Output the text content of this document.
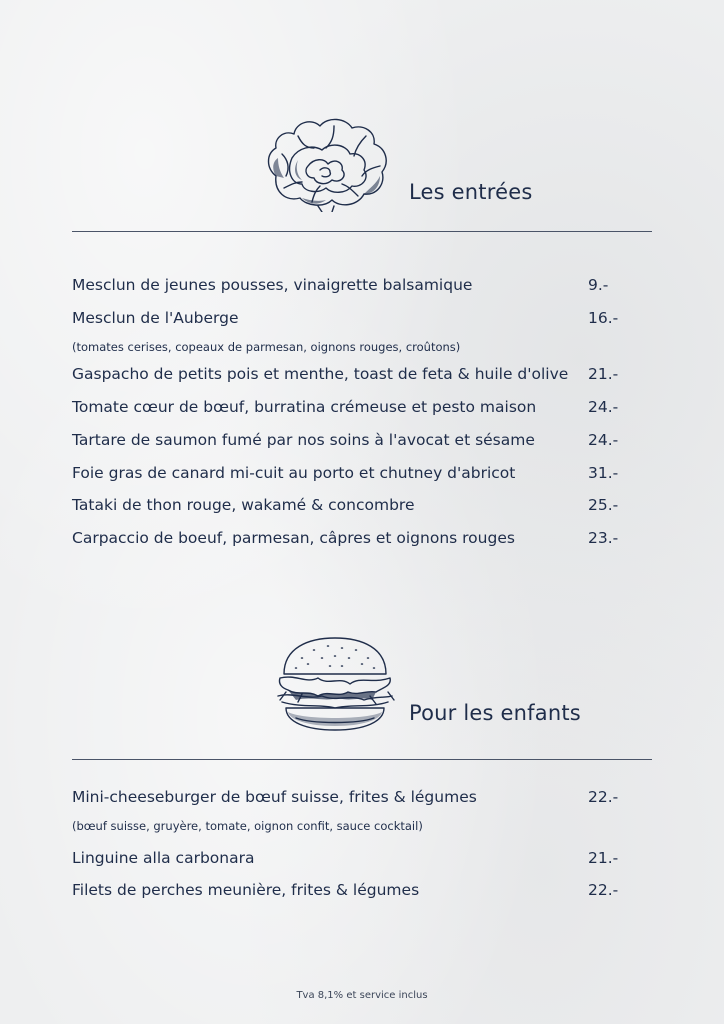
Les entrées
Mesclun de jeunes pousses, vinaigrette balsamique	9.-
Mesclun de l'Auberge	16.-
(tomates cerises, copeaux de parmesan, oignons rouges, croûtons)
Gaspacho de petits pois et menthe, toast de feta & huile d'olive 21.-
Tomate cœur de bœuf, burratina crémeuse et pesto maison	24.-
Tartare de saumon fumé par nos soins à l'avocat et sésame	24.-
Foie gras de canard mi-cuit au porto et chutney d'abricot	31.-
Tataki de thon rouge, wakamé & concombre	25.-
Carpaccio de boeuf, parmesan, câpres et oignons rouges	23.-
Pour les enfants
Mini-cheeseburger de bœuf suisse, frites & légumes	22.-
(bœuf suisse, gruyère, tomate, oignon confit, sauce cocktail)
Linguine alla carbonara	21.-
Filets de perches meunière, frites & légumes	22.-
Tva 8,1% et service inclus
